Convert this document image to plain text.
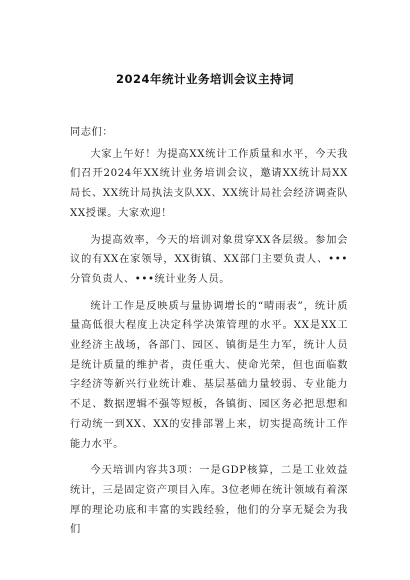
2024年统计业务培训会议主持词

同志们：

大家上午好！为提高XX统计工作质量和水平，今天我们召开2024年XX统计业务培训会议，邀请XX统计局XX局长、XX统计局执法支队XX、XX统计局社会经济调查队XX授课。大家欢迎！

为提高效率，今天的培训对象贯穿XX各层级。参加会议的有XX在家领导，XX街镇、XX部门主要负责人、•••分管负责人、•••统计业务人员。

统计工作是反映质与量协调增长的“晴雨表”，统计质量高低很大程度上决定科学决策管理的水平。XX是XX工业经济主战场，各部门、园区、镇街是生力军，统计人员是统计质量的维护者，责任重大、使命光荣，但也面临数字经济等新兴行业统计难、基层基础力量较弱、专业能力不足、数据逻辑不强等短板，各镇街、园区务必把思想和行动统一到XX、XX的安排部署上来，切实提高统计工作能力水平。

今天培训内容共3项：一是GDP核算，二是工业效益统计，三是固定资产项目入库。3位老师在统计领域有着深厚的理论功底和丰富的实践经验，他们的分享无疑会为我们
